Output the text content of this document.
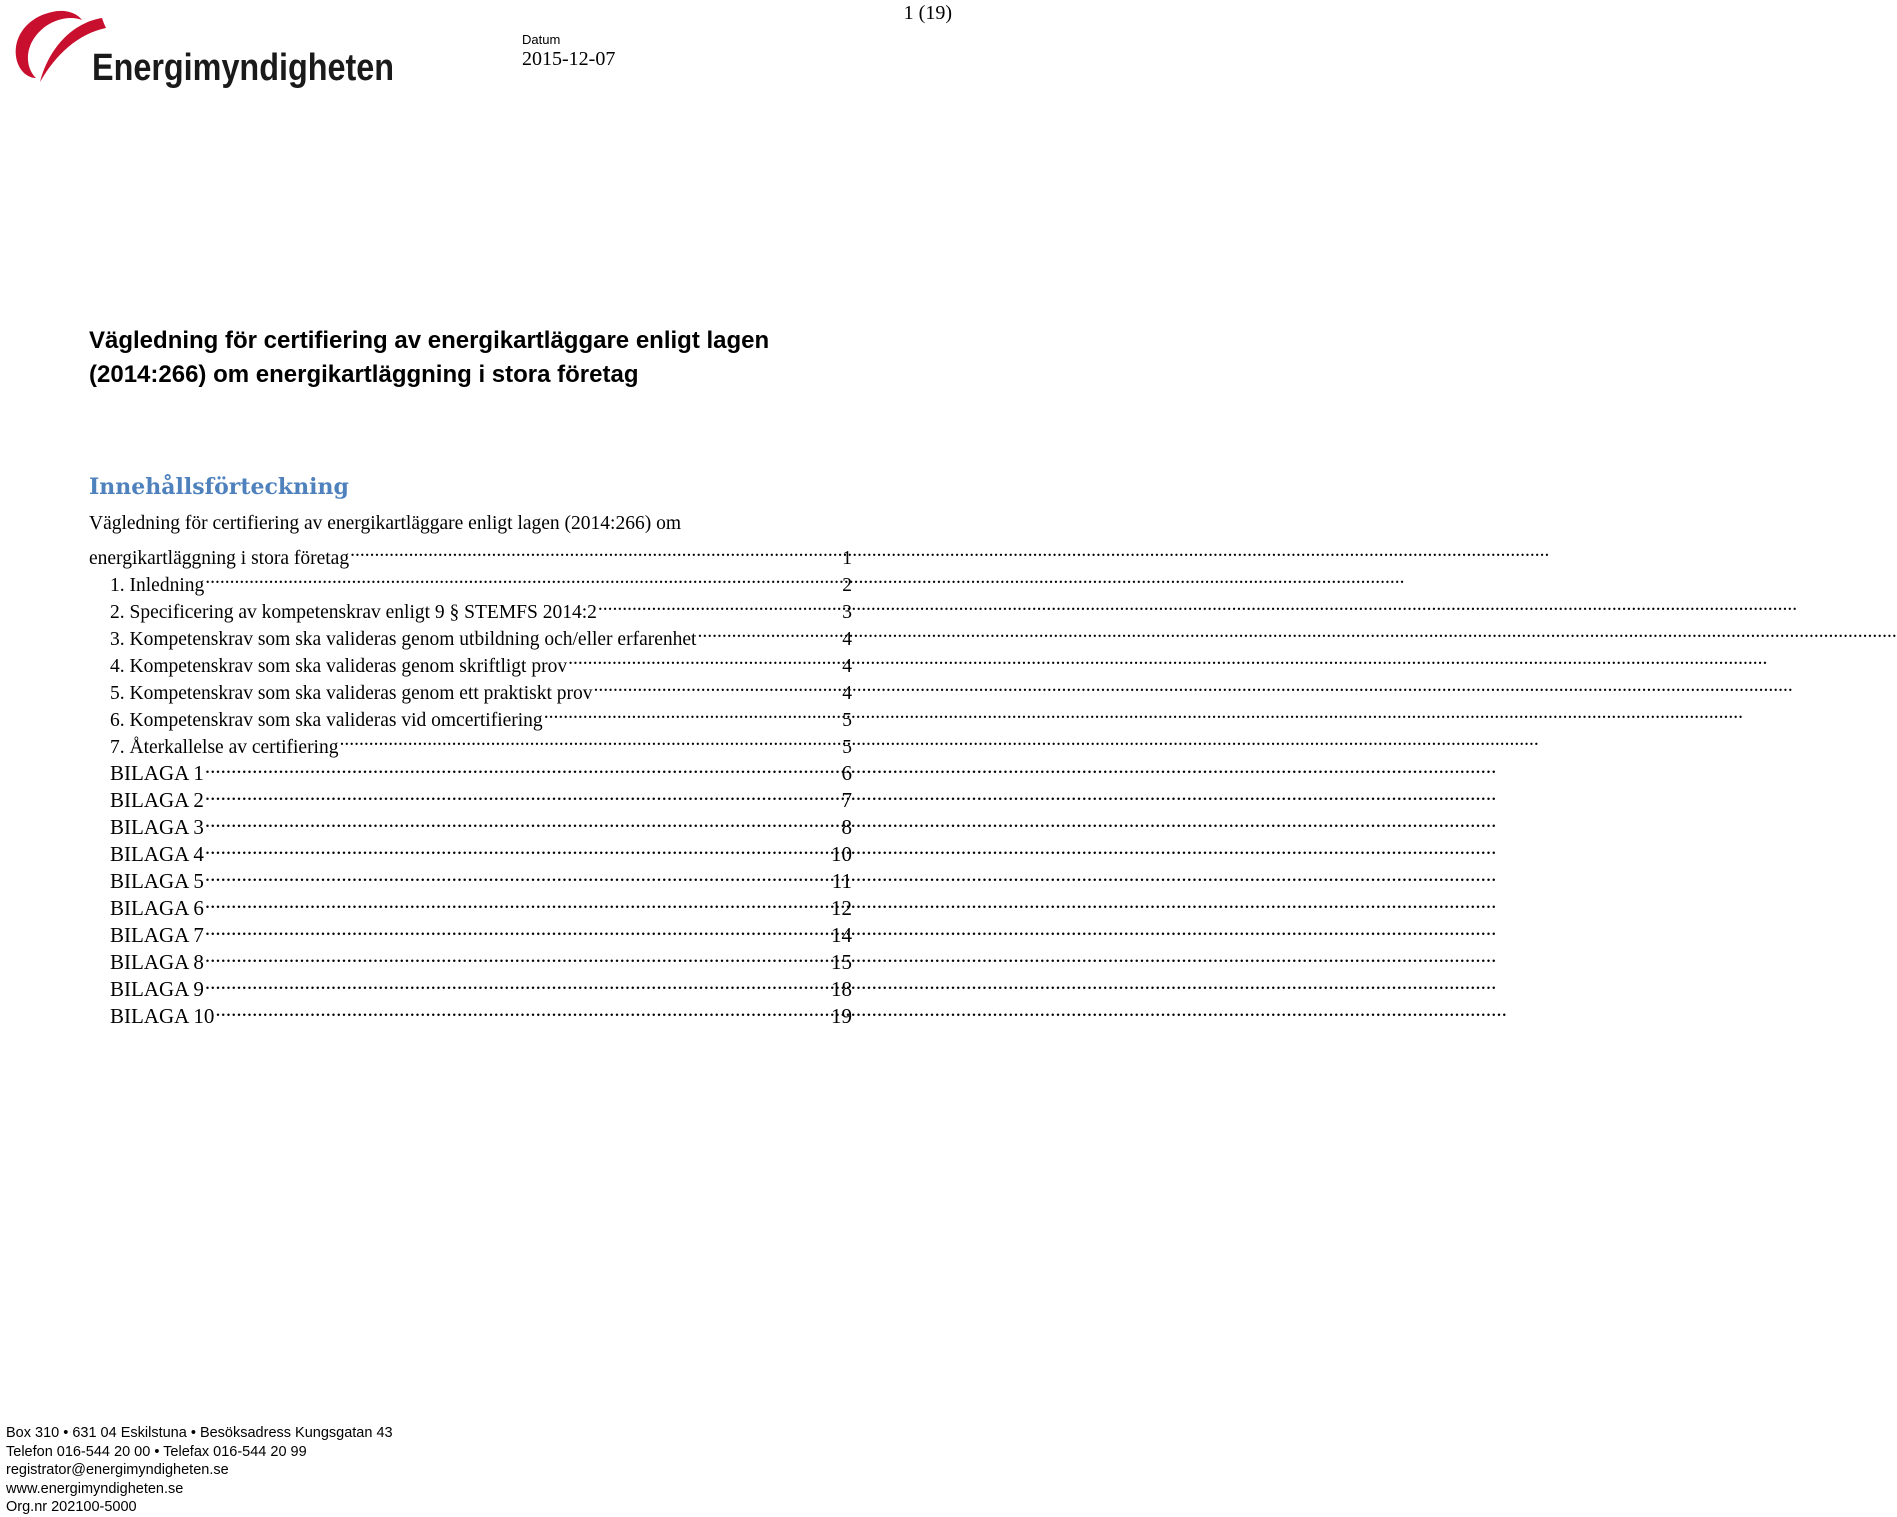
Energimyndigheten
1 (19)
Datum
2015-12-07
Vägledning för certifiering av energikartläggare enligt lagen (2014:266) om energikartläggning i stora företag
Innehållsförteckning
Vägledning för certifiering av energikartläggare enligt lagen (2014:266) om
energikartläggning i stora företag .....	1
1. Inledning .....	2
2. Specificering av kompetenskrav enligt 9 § STEMFS 2014:2 .....	3
3. Kompetenskrav som ska valideras genom utbildning och/eller erfarenhet .....	4
4. Kompetenskrav som ska valideras genom skriftligt prov .....	4
5. Kompetenskrav som ska valideras genom ett praktiskt prov .....	4
6. Kompetenskrav som ska valideras vid omcertifiering .....	5
7. Återkallelse av certifiering .....	5
BILAGA 1 .....	6
BILAGA 2 .....	7
BILAGA 3 .....	8
BILAGA 4 .....	10
BILAGA 5 .....	11
BILAGA 6 .....	12
BILAGA 7 .....	14
BILAGA 8 .....	15
BILAGA 9 .....	18
BILAGA 10 .....	19
Box 310 • 631 04 Eskilstuna • Besöksadress Kungsgatan 43
Telefon 016-544 20 00 • Telefax 016-544 20 99
registrator@energimyndigheten.se
www.energimyndigheten.se
Org.nr 202100-5000
